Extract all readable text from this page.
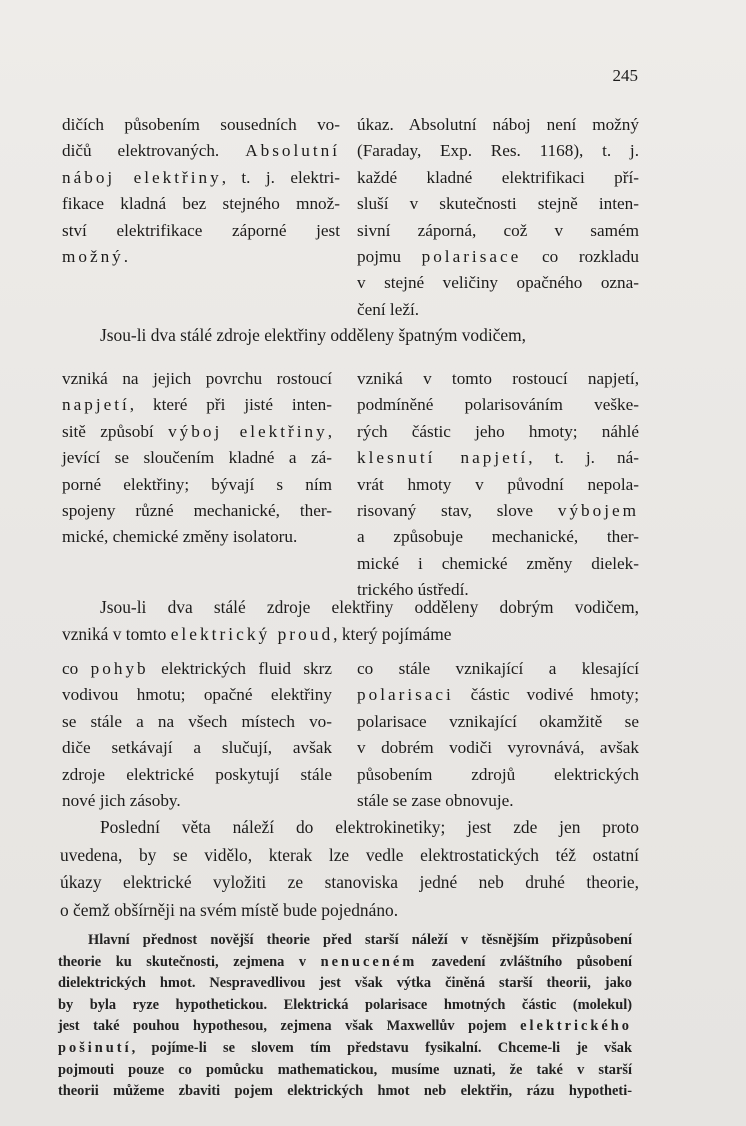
245
dičích působením sousedních vo-
dičů elektrovaných. Absolutní
náboj elektřiny, t. j. elektri-
fikace kladná bez stejného množ-
ství elektrifikace záporné jest
možný.
úkaz. Absolutní náboj není možný
(Faraday, Exp. Res. 1168), t. j.
každé kladné elektrifikaci pří-
sluší v skutečnosti stejně inten-
sivní záporná, což v samém
pojmu polarisace co rozkladu
v stejné veličiny opačného ozna-
čení leží.
Jsou-li dva stálé zdroje elektřiny odděleny špatným vodičem,
vzniká na jejich povrchu rostoucí
napjetí, které při jisté inten-
sitě způsobí výboj elektřiny,
jevící se sloučením kladné a zá-
porné elektřiny; bývají s ním
spojeny různé mechanické, ther-
mické, chemické změny isolatoru.
vzniká v tomto rostoucí napjetí,
podmíněné polarisováním veške-
rých částic jeho hmoty; náhlé
klesnutí napjetí, t. j. ná-
vrát hmoty v původní nepola-
risovaný stav, slove výbojem
a způsobuje mechanické, ther-
mické i chemické změny dielek-
trického ústředí.
Jsou-li dva stálé zdroje elektřiny odděleny dobrým vodičem,
vzniká v tomto elektrický proud, který pojímáme
co pohyb elektrických fluid skrz
vodivou hmotu; opačné elektřiny
se stále a na všech místech vo-
diče setkávají a slučují, avšak
zdroje elektrické poskytují stále
nové jich zásoby.
co stále vznikající a klesající
polarisaci částic vodivé hmoty;
polarisace vznikající okamžitě se
v dobrém vodiči vyrovnává, avšak
působením zdrojů elektrických
stále se zase obnovuje.
Poslední věta náleží do elektrokinetiky; jest zde jen proto
uvedena, by se vidělo, kterak lze vedle elektrostatických též ostatní
úkazy elektrické vyložiti ze stanoviska jedné neb druhé theorie,
o čemž obšírněji na svém místě bude pojednáno.
Hlavní přednost novější theorie před starší náleží v těsnějším přizpůsobení
theorie ku skutečnosti, zejmena v nenuceném zavedení zvláštního působení
dielektrických hmot. Nespravedlivou jest však výtka činěná starší theorii, jako
by byla ryze hypothetickou. Elektrická polarisace hmotných částic (molekul)
jest také pouhou hypothesou, zejmena však Maxwellův pojem elektrického
pošinutí, pojíme-li se slovem tím představu fysikalní. Chceme-li je však
pojmouti pouze co pomůcku mathematickou, musíme uznati, že také v starší
theorii můžeme zbaviti pojem elektrických hmot neb elektřin, rázu hypotheti-
